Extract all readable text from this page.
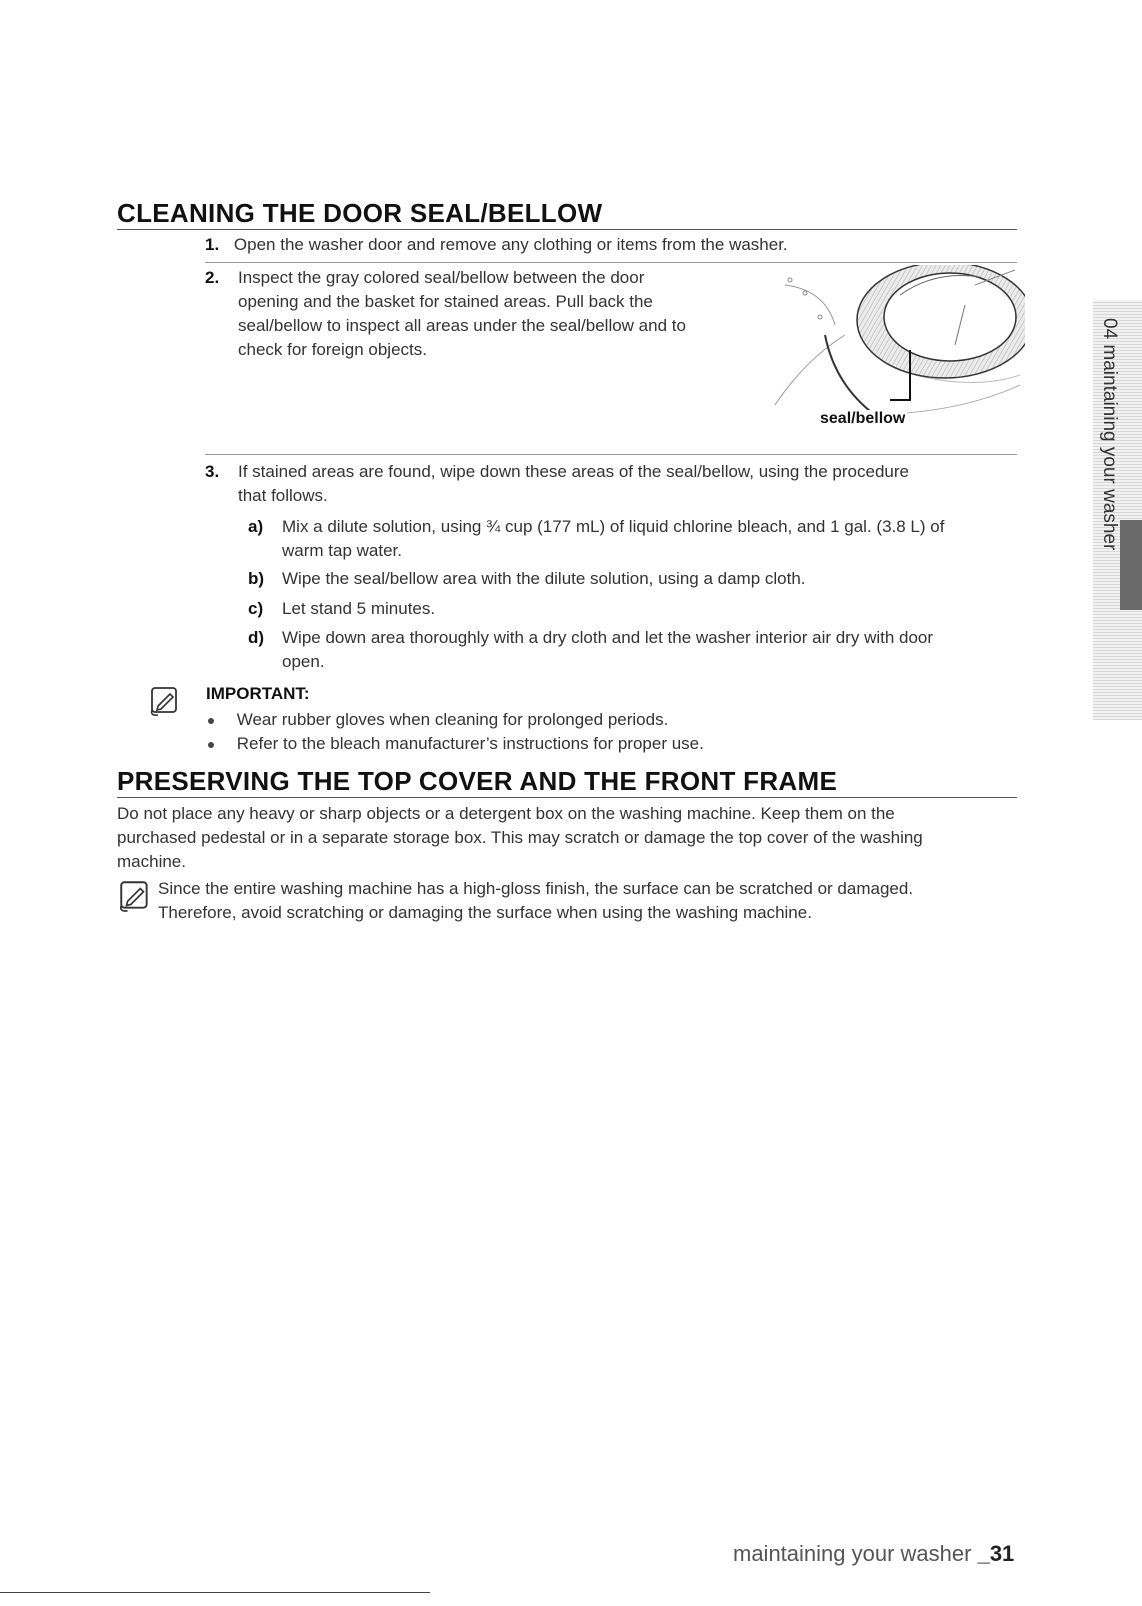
CLEANING THE DOOR SEAL/BELLOW
1. Open the washer door and remove any clothing or items from the washer.
2. Inspect the gray colored seal/bellow between the door
opening and the basket for stained areas. Pull back the
seal/bellow to inspect all areas under the seal/bellow and to
check for foreign objects.
seal/bellow
3. If stained areas are found, wipe down these areas of the seal/bellow, using the procedure
that follows.
a)	Mix a dilute solution, using ¾ cup (177 mL) of liquid chlorine bleach, and 1 gal. (3.8 L) of
warm tap water.
b)	Wipe the seal/bellow area with the dilute solution, using a damp cloth.
c)	Let stand 5 minutes.
d)	Wipe down area thoroughly with a dry cloth and let the washer interior air dry with door
open.
IMPORTANT:
Wear rubber gloves when cleaning for prolonged periods.
Refer to the bleach manufacturer’s instructions for proper use.
PRESERVING THE TOP COVER AND THE FRONT FRAME
Do not place any heavy or sharp objects or a detergent box on the washing machine. Keep them on the
purchased pedestal or in a separate storage box. This may scratch or damage the top cover of the washing
machine.
Since the entire washing machine has a high-gloss finish, the surface can be scratched or damaged.
Therefore, avoid scratching or damaging the surface when using the washing machine.
04 maintaining your washer
maintaining your washer _31
